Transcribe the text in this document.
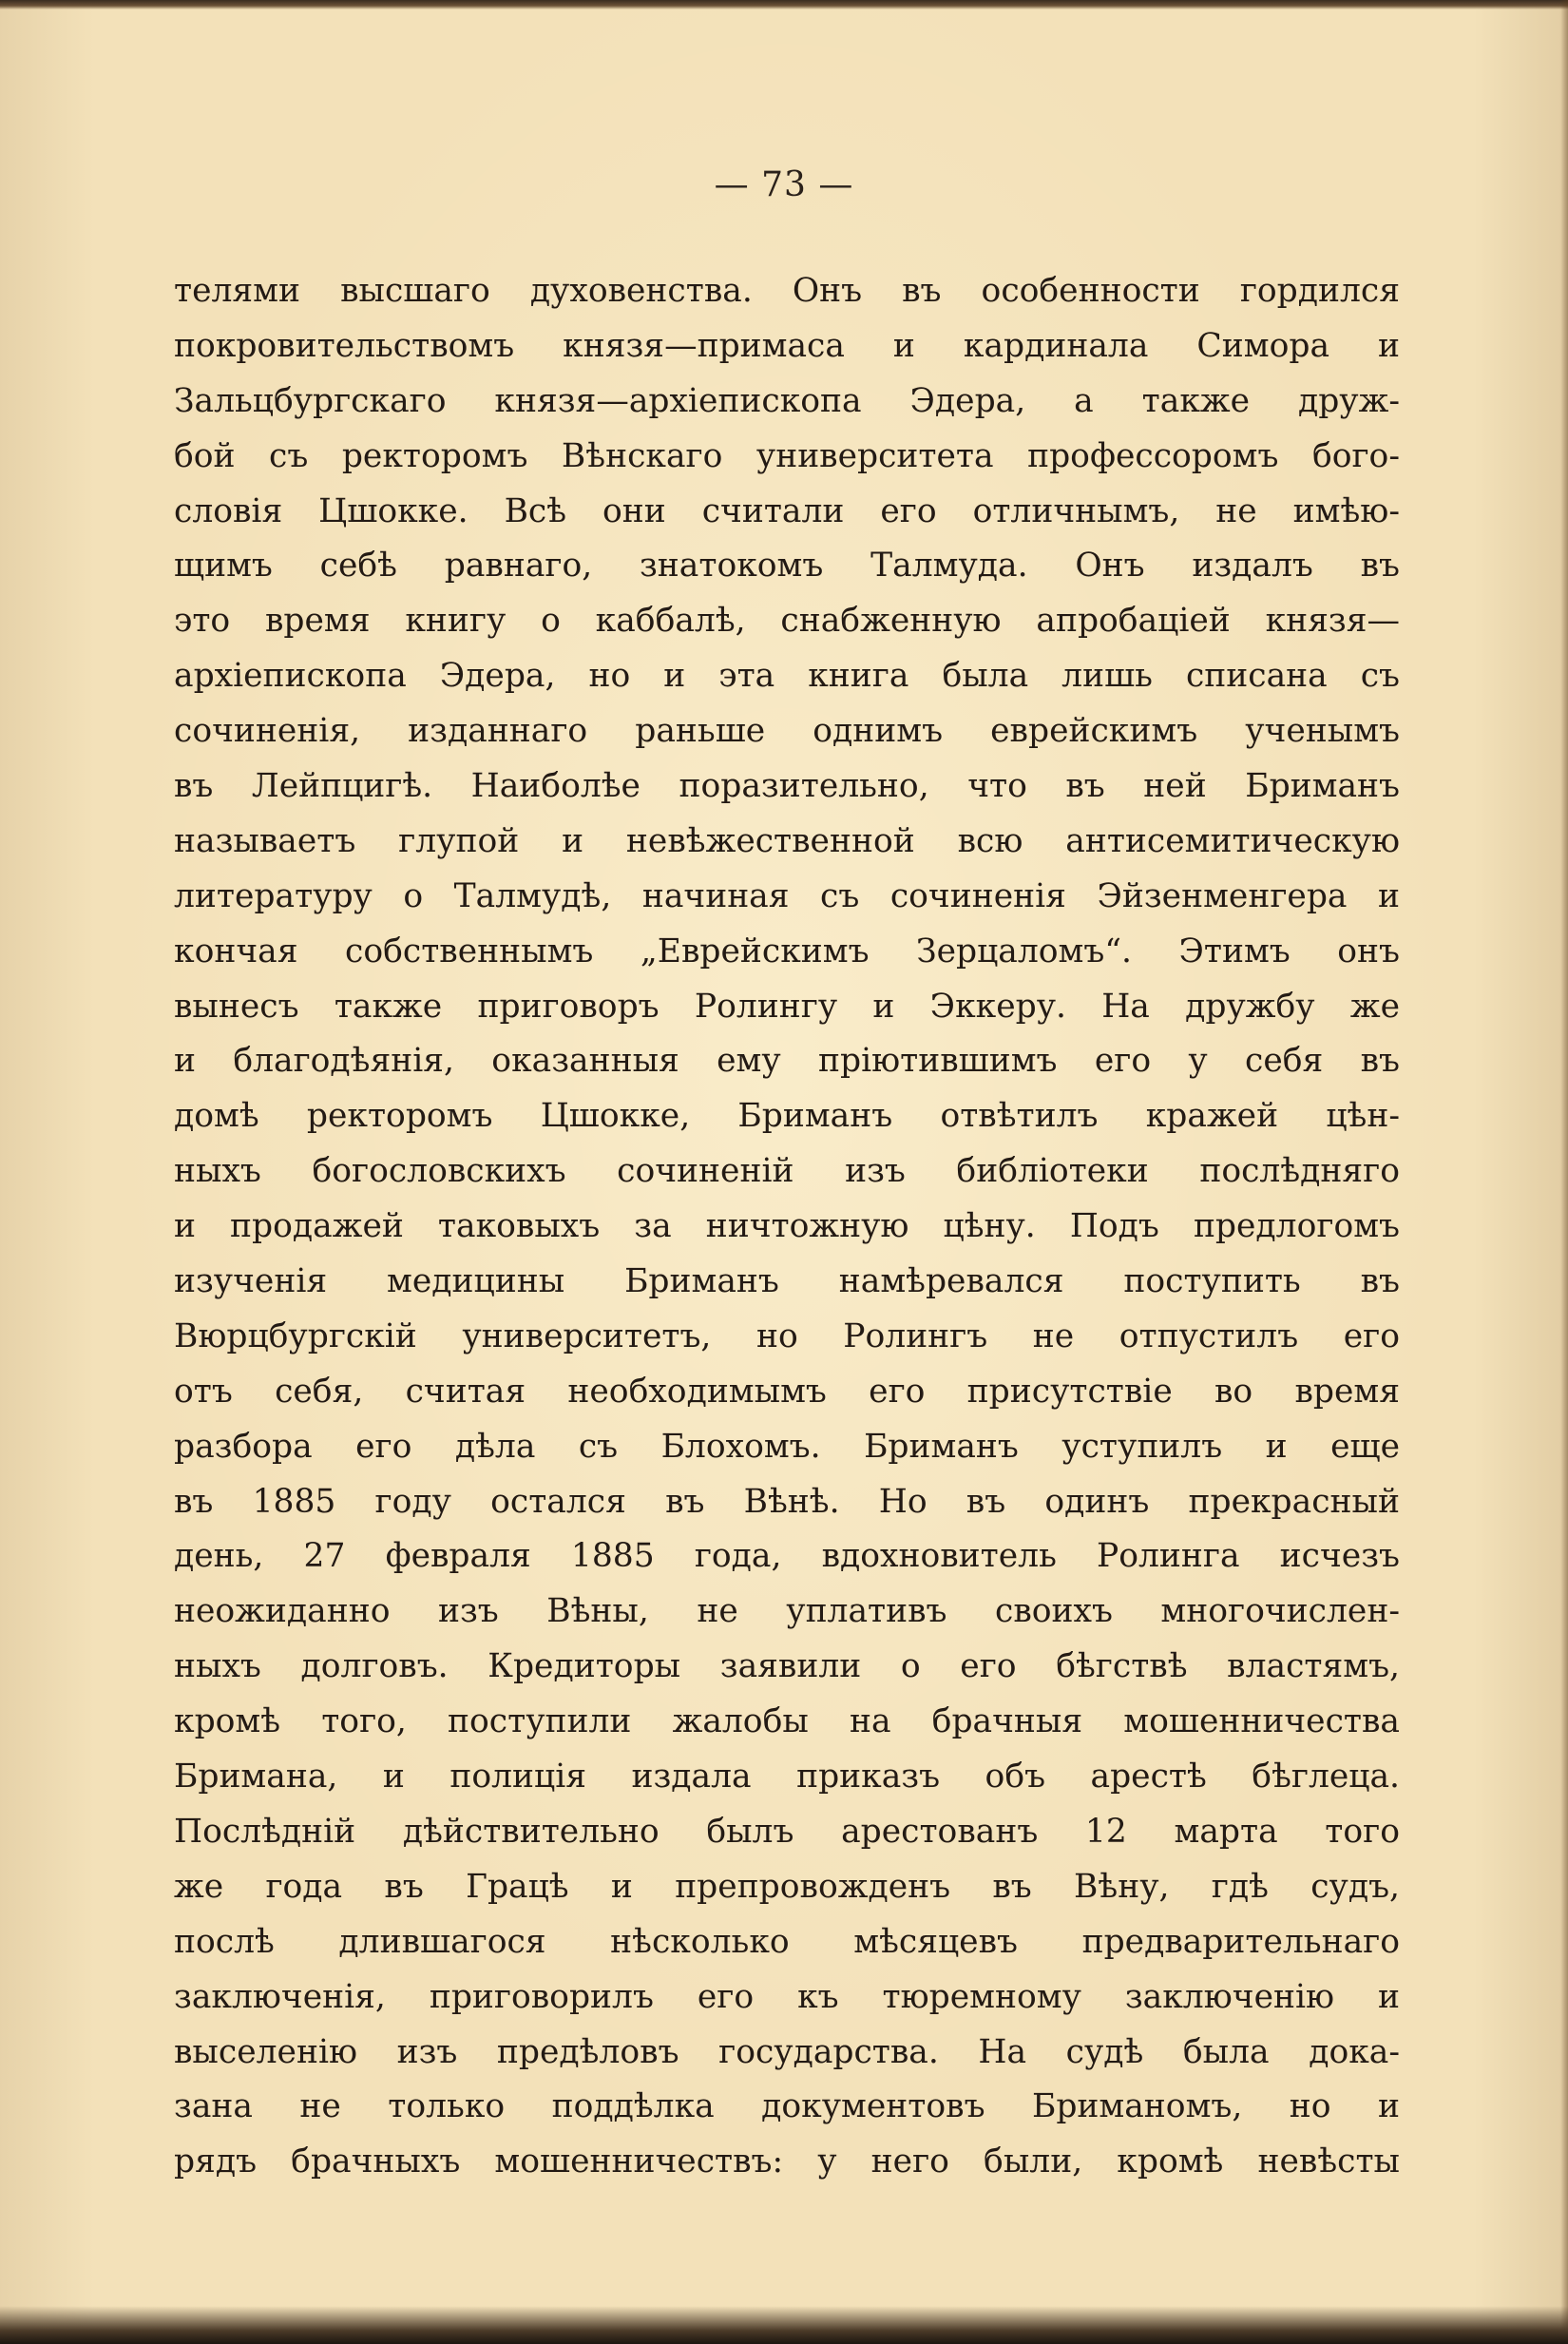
— 73 —
телями высшаго духовенства. Онъ въ особенности гордился
покровительствомъ князя—примаса и кардинала Симора и
Зальцбургскаго князя—архіепископа Эдера, а также друж-
бой съ ректоромъ Вѣнскаго университета профессоромъ бого-
словія Цшокке. Всѣ они считали его отличнымъ, не имѣю-
щимъ себѣ равнаго, знатокомъ Талмуда. Онъ издалъ въ
это время книгу о каббалѣ, снабженную апробаціей князя—
архіепископа Эдера, но и эта книга была лишь списана съ
сочиненія, изданнаго раньше однимъ еврейскимъ ученымъ
въ Лейпцигѣ. Наиболѣе поразительно, что въ ней Бриманъ
называетъ глупой и невѣжественной всю антисемитическую
литературу о Талмудѣ, начиная съ сочиненія Эйзенменгера и
кончая собственнымъ „Еврейскимъ Зерцаломъ“. Этимъ онъ
вынесъ также приговоръ Ролингу и Эккеру. На дружбу же
и благодѣянія, оказанныя ему пріютившимъ его у себя въ
домѣ ректоромъ Цшокке, Бриманъ отвѣтилъ кражей цѣн-
ныхъ богословскихъ сочиненій изъ библіотеки послѣдняго
и продажей таковыхъ за ничтожную цѣну. Подъ предлогомъ
изученія медицины Бриманъ намѣревался поступить въ
Вюрцбургскій университетъ, но Ролингъ не отпустилъ его
отъ себя, считая необходимымъ его присутствіе во время
разбора его дѣла съ Блохомъ. Бриманъ уступилъ и еще
въ 1885 году остался въ Вѣнѣ. Но въ одинъ прекрасный
день, 27 февраля 1885 года, вдохновитель Ролинга исчезъ
неожиданно изъ Вѣны, не уплативъ своихъ многочислен-
ныхъ долговъ. Кредиторы заявили о его бѣгствѣ властямъ,
кромѣ того, поступили жалобы на брачныя мошенничества
Бримана, и полиція издала приказъ объ арестѣ бѣглеца.
Послѣдній дѣйствительно былъ арестованъ 12 марта того
же года въ Грацѣ и препровожденъ въ Вѣну, гдѣ судъ,
послѣ длившагося нѣсколько мѣсяцевъ предварительнаго
заключенія, приговорилъ его къ тюремному заключенію и
выселенію изъ предѣловъ государства. На судѣ была дока-
зана не только поддѣлка документовъ Бриманомъ, но и
рядъ брачныхъ мошенничествъ: у него были, кромѣ невѣсты
